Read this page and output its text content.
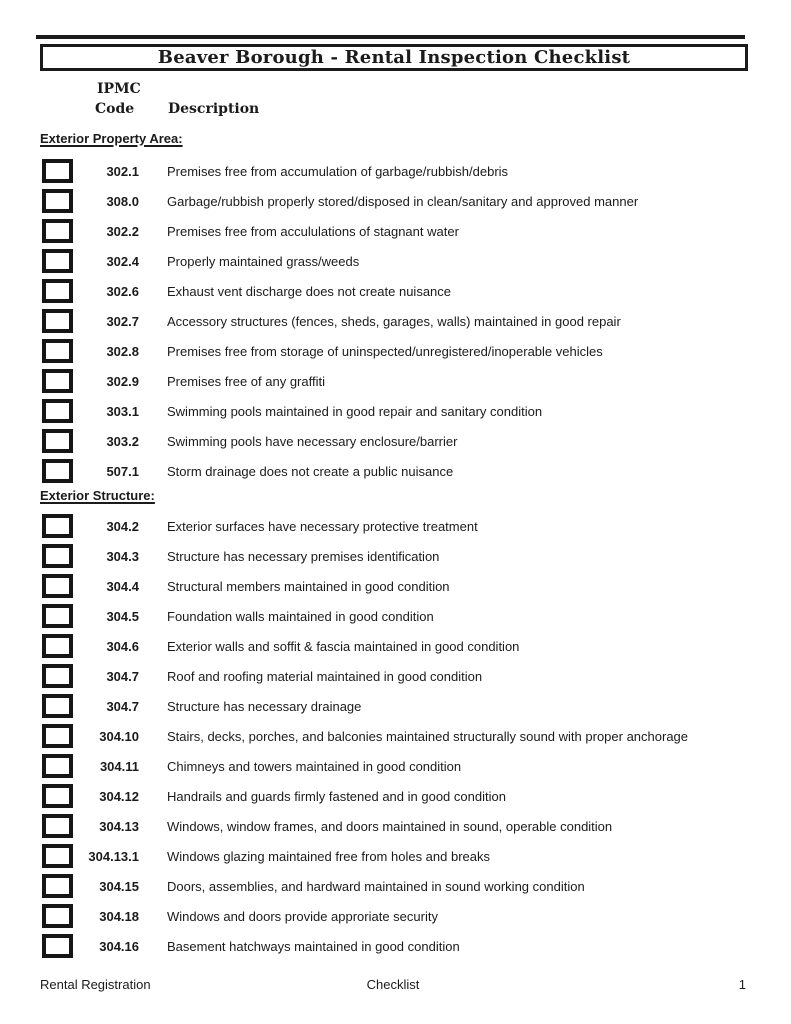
Beaver Borough - Rental Inspection Checklist
IPMC
Code Description
Exterior Property Area:
302.1 Premises free from accumulation of garbage/rubbish/debris
308.0 Garbage/rubbish properly stored/disposed in clean/sanitary and approved manner
302.2 Premises free from accululations of stagnant water
302.4 Properly maintained grass/weeds
302.6 Exhaust vent discharge does not create nuisance
302.7 Accessory structures (fences, sheds, garages, walls) maintained in good repair
302.8 Premises free from storage of uninspected/unregistered/inoperable vehicles
302.9 Premises free of any graffiti
303.1 Swimming pools maintained in good repair and sanitary condition
303.2 Swimming pools have necessary enclosure/barrier
507.1 Storm drainage does not create a public nuisance
Exterior Structure:
304.2 Exterior surfaces have necessary protective treatment
304.3 Structure has necessary premises identification
304.4 Structural members maintained in good condition
304.5 Foundation walls maintained in good condition
304.6 Exterior walls and soffit & fascia maintained in good condition
304.7 Roof and roofing material maintained in good condition
304.7 Structure has necessary drainage
304.10 Stairs, decks, porches, and balconies maintained structurally sound with proper anchorage
304.11 Chimneys and towers maintained in good condition
304.12 Handrails and guards firmly fastened and in good condition
304.13 Windows, window frames, and doors maintained in sound, operable condition
304.13.1 Windows glazing maintained free from holes and breaks
304.15 Doors, assemblies, and hardward maintained in sound working condition
304.18 Windows and doors provide approriate security
304.16 Basement hatchways maintained in good condition
Rental Registration	Checklist	1
